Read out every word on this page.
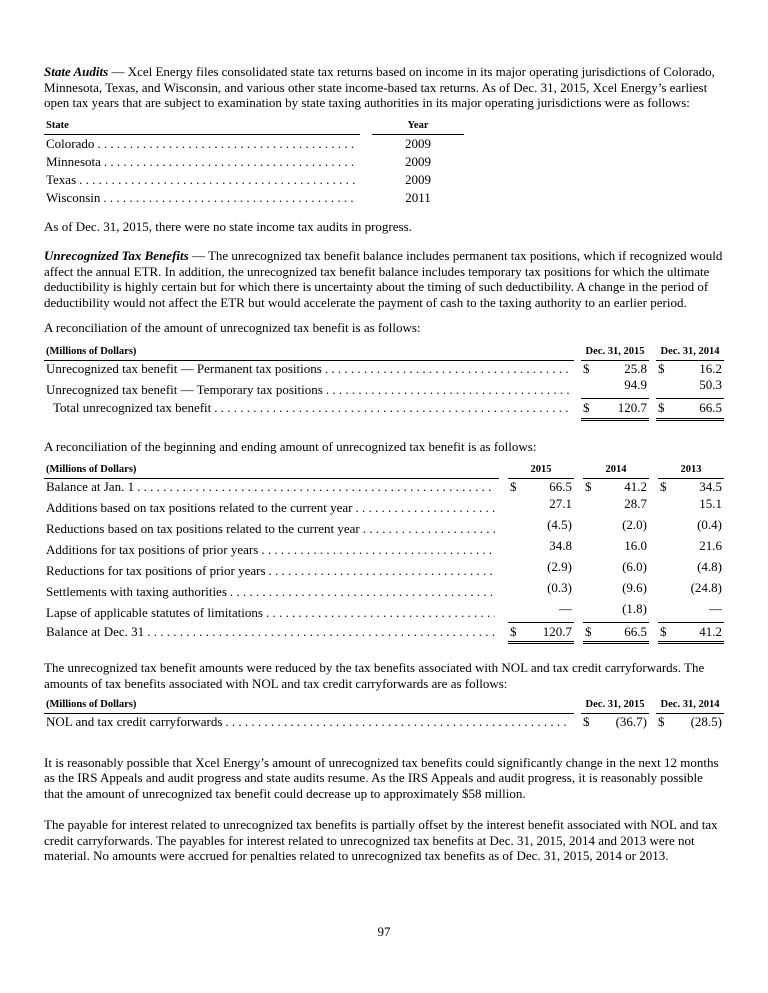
State Audits — Xcel Energy files consolidated state tax returns based on income in its major operating jurisdictions of Colorado, Minnesota, Texas, and Wisconsin, and various other state income-based tax returns. As of Dec. 31, 2015, Xcel Energy’s earliest open tax years that are subject to examination by state taxing authorities in its major operating jurisdictions were as follows:

State	Year
Colorado . . .	2009
Minnesota . . .	2009
Texas . . .	2009
Wisconsin . . .	2011

As of Dec. 31, 2015, there were no state income tax audits in progress.

Unrecognized Tax Benefits — The unrecognized tax benefit balance includes permanent tax positions, which if recognized would affect the annual ETR. In addition, the unrecognized tax benefit balance includes temporary tax positions for which the ultimate deductibility is highly certain but for which there is uncertainty about the timing of such deductibility. A change in the period of deductibility would not affect the ETR but would accelerate the payment of cash to the taxing authority to an earlier period.

A reconciliation of the amount of unrecognized tax benefit is as follows:

(Millions of Dollars)	Dec. 31, 2015	Dec. 31, 2014
Unrecognized tax benefit — Permanent tax positions . . .	$	25.8 $	16.2
Unrecognized tax benefit — Temporary tax positions . . .	94.9	50.3
Total unrecognized tax benefit . . .	$ 120.7 $	66.5

A reconciliation of the beginning and ending amount of unrecognized tax benefit is as follows:

(Millions of Dollars)	2015	2014	2013
Balance at Jan. 1 . . .	$	66.5 $	41.2 $	34.5
Additions based on tax positions related to the current year . . .	27.1	28.7	15.1
Reductions based on tax positions related to the current year . . .	(4.5)	(2.0)	(0.4)
Additions for tax positions of prior years . . .	34.8	16.0	21.6
Reductions for tax positions of prior years . . .	(2.9)	(6.0)	(4.8)
Settlements with taxing authorities . . .	(0.3)	(9.6)	(24.8)
Lapse of applicable statutes of limitations . . .	—	(1.8)	—
Balance at Dec. 31 . . .	$ 120.7 $	66.5 $	41.2

The unrecognized tax benefit amounts were reduced by the tax benefits associated with NOL and tax credit carryforwards. The amounts of tax benefits associated with NOL and tax credit carryforwards are as follows:

(Millions of Dollars)	Dec. 31, 2015	Dec. 31, 2014
NOL and tax credit carryforwards . . .	$ (36.7) $ (28.5)

It is reasonably possible that Xcel Energy’s amount of unrecognized tax benefits could significantly change in the next 12 months as the IRS Appeals and audit progress and state audits resume. As the IRS Appeals and audit progress, it is reasonably possible that the amount of unrecognized tax benefit could decrease up to approximately $58 million.

The payable for interest related to unrecognized tax benefits is partially offset by the interest benefit associated with NOL and tax credit carryforwards. The payables for interest related to unrecognized tax benefits at Dec. 31, 2015, 2014 and 2013 were not material. No amounts were accrued for penalties related to unrecognized tax benefits as of Dec. 31, 2015, 2014 or 2013.

97
